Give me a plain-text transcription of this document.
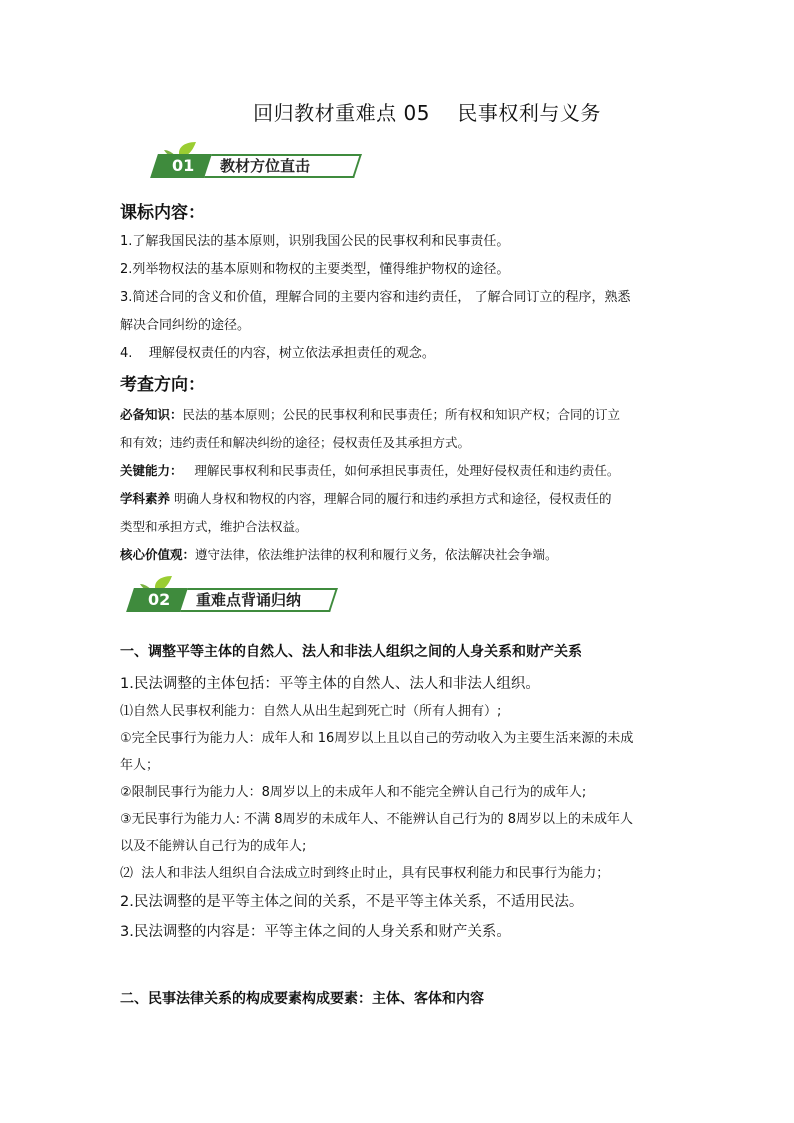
回归教材重难点 05 民事权利与义务
01	教材方位直击
课标内容：
1.了解我国民法的基本原则，识别我国公民的民事权利和民事责任。
2.列举物权法的基本原则和物权的主要类型，懂得维护物权的途径。
3.简述合同的含义和价值，理解合同的主要内容和违约责任， 了解合同订立的程序，熟悉
解决合同纠纷的途径。
4.    理解侵权责任的内容，树立依法承担责任的观念。
考查方向：
必备知识：民法的基本原则；公民的民事权利和民事责任；所有权和知识产权；合同的订立
和有效；违约责任和解决纠纷的途径；侵权责任及其承担方式。
关键能力：   理解民事权利和民事责任，如何承担民事责任，处理好侵权责任和违约责任。
学科素养 明确人身权和物权的内容，理解合同的履行和违约承担方式和途径，侵权责任的
类型和承担方式，维护合法权益。
核心价值观：遵守法律，依法维护法律的权利和履行义务，依法解决社会争端。
02	重难点背诵归纳
一、调整平等主体的自然人、法人和非法人组织之间的人身关系和财产关系
1.民法调整的主体包括：平等主体的自然人、法人和非法人组织。
⑴自然人民事权利能力：自然人从出生起到死亡时（所有人拥有）;
①完全民事行为能力人：成年人和 16周岁以上且以自己的劳动收入为主要生活来源的未成
年人；
②限制民事行为能力人：8周岁以上的未成年人和不能完全辨认自己行为的成年人;
③无民事行为能力人: 不满 8周岁的未成年人、不能辨认自己行为的 8周岁以上的未成年人
以及不能辨认自己行为的成年人;
⑵  法人和非法人组织自合法成立时到终止时止，具有民事权利能力和民事行为能力；
2.民法调整的是平等主体之间的关系，不是平等主体关系，不适用民法。
3.民法调整的内容是：平等主体之间的人身关系和财产关系。
二、民事法律关系的构成要素构成要素：主体、客体和内容
